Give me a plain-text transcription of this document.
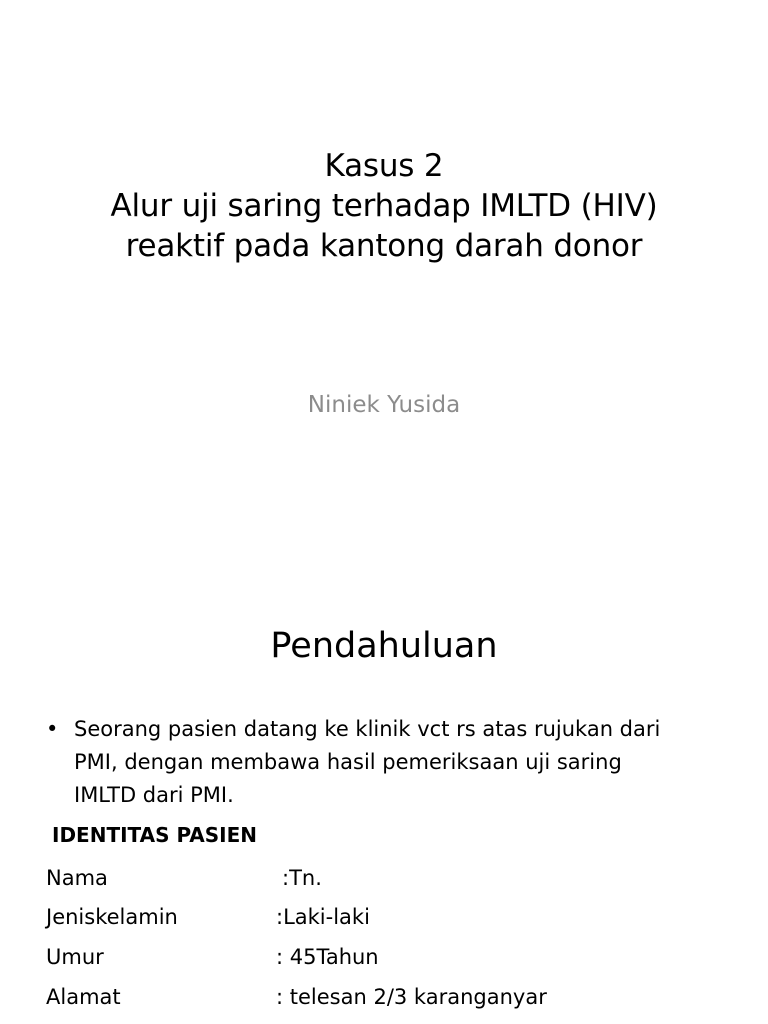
Kasus 2
Alur uji saring terhadap IMLTD (HIV)
reaktif pada kantong darah donor
Niniek Yusida
Pendahuluan
• Seorang pasien datang ke klinik vct rs atas rujukan dari
PMI, dengan membawa hasil pemeriksaan uji saring
IMLTD dari PMI.
IDENTITAS PASIEN
Nama	:Tn.
Jeniskelamin	:Laki-laki
Umur	: 45Tahun
Alamat	: telesan 2/3 karanganyar
